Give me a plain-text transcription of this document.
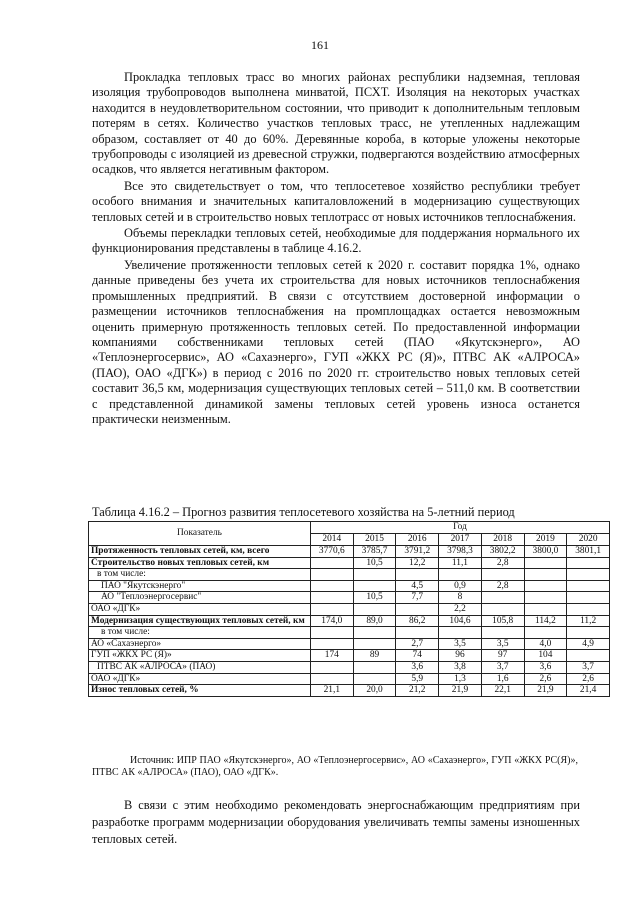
161

Прокладка тепловых трасс во многих районах республики надземная, тепловая изоляция трубопроводов выполнена минватой, ПСХТ. Изоляция на некоторых участках находится в неудовлетворительном состоянии, что приводит к дополнительным тепловым потерям в сетях. Количество участков тепловых трасс, не утепленных надлежащим образом, составляет от 40 до 60%. Деревянные короба, в которые уложены некоторые трубопроводы с изоляцией из древесной стружки, подвергаются воздействию атмосферных осадков, что является негативным фактором.

Все это свидетельствует о том, что теплосетевое хозяйство республики требует особого внимания и значительных капиталовложений в модернизацию существующих тепловых сетей и в строительство новых теплотрасс от новых источников теплоснабжения.

Объемы перекладки тепловых сетей, необходимые для поддержания нормального их функционирования представлены в таблице 4.16.2.

Увеличение протяженности тепловых сетей к 2020 г. составит порядка 1%, однако данные приведены без учета их строительства для новых источников теплоснабжения промышленных предприятий. В связи с отсутствием достоверной информации о размещении источников теплоснабжения на промплощадках остается невозможным оценить примерную протяженность тепловых сетей. По предоставленной информации компаниями собственниками тепловых сетей (ПАО «Якутскэнерго», АО «Теплоэнергосервис», АО «Сахаэнерго», ГУП «ЖКХ РС (Я)», ПТВС АК «АЛРОСА» (ПАО), ОАО «ДГК») в период с 2016 по 2020 гг. строительство новых тепловых сетей составит 36,5 км, модернизация существующих тепловых сетей – 511,0 км. В соответствии с представленной динамикой замены тепловых сетей уровень износа останется практически неизменным.

Таблица 4.16.2 – Прогноз развития теплосетевого хозяйства на 5-летний период
Показатель	Год						
	2014	2015	2016	2017	2018	2019	2020
Протяженность тепловых сетей, км, всего	3770,6	3785,7	3791,2	3798,3	3802,2	3800,0	3801,1
Строительство новых тепловых сетей, км		10,5	12,2	11,1	2,8		
в том числе:							
ПАО "Якутскэнерго"			4,5	0,9	2,8		
АО "Теплоэнергосервис"		10,5	7,7	8			
ОАО «ДГК»				2,2			
Модернизация существующих тепловых сетей, км	174,0	89,0	86,2	104,6	105,8	114,2	11,2
в том числе:							
АО «Сахаэнерго»			2,7	3,5	3,5	4,0	4,9
ГУП «ЖКХ РС (Я)»	174	89	74	96	97	104	
ПТВС АК «АЛРОСА» (ПАО)			3,6	3,8	3,7	3,6	3,7
ОАО «ДГК»			5,9	1,3	1,6	2,6	2,6
Износ тепловых сетей, %	21,1	20,0	21,2	21,9	22,1	21,9	21,4
Источник: ИПР ПАО «Якутскэнерго», АО «Теплоэнергосервис», АО «Сахаэнерго», ГУП «ЖКХ РС(Я)», ПТВС АК «АЛРОСА» (ПАО), ОАО «ДГК».
В связи с этим необходимо рекомендовать энергоснабжающим предприятиям при разработке программ модернизации оборудования увеличивать темпы замены изношенных тепловых сетей.
